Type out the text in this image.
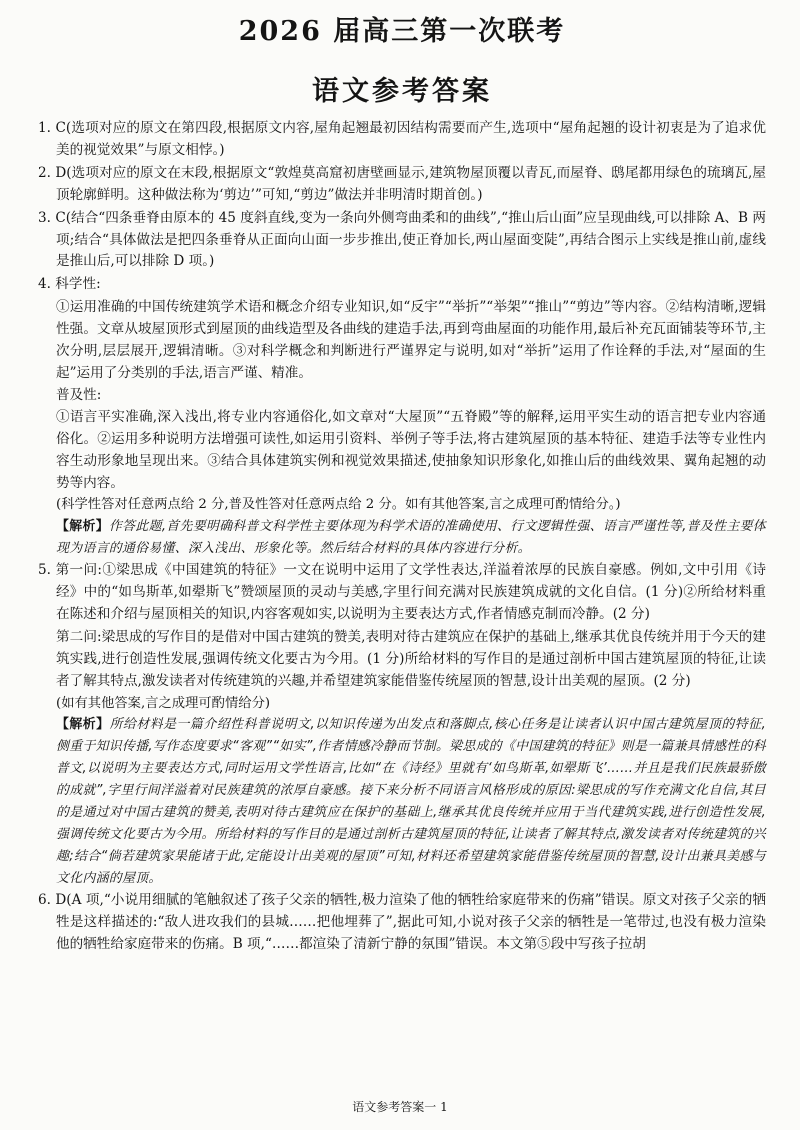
2026 届高三第一次联考
语文参考答案

1. C(选项对应的原文在第四段,根据原文内容,屋角起翘最初因结构需要而产生,选项中“屋角起翘的设计初衷是为了追求优美的视觉效果”与原文相悖。)

2. D(选项对应的原文在末段,根据原文“敦煌莫高窟初唐壁画显示,建筑物屋顶覆以青瓦,而屋脊、鸱尾都用绿色的琉璃瓦,屋顶轮廓鲜明。这种做法称为‘剪边’”可知,“剪边”做法并非明清时期首创。)

3. C(结合“四条垂脊由原本的 45 度斜直线,变为一条向外侧弯曲柔和的曲线”,“推山后山面”应呈现曲线,可以排除 A、B 两项;结合“具体做法是把四条垂脊从正面向山面一步步推出,使正脊加长,两山屋面变陡”,再结合图示上实线是推山前,虚线是推山后,可以排除 D 项。)

4. 科学性:

①运用准确的中国传统建筑学术语和概念介绍专业知识,如“反宇”“举折”“举架”“推山”“剪边”等内容。②结构清晰,逻辑性强。文章从坡屋顶形式到屋顶的曲线造型及各曲线的建造手法,再到弯曲屋面的功能作用,最后补充瓦面铺装等环节,主次分明,层层展开,逻辑清晰。③对科学概念和判断进行严谨界定与说明,如对“举折”运用了作诠释的手法,对“屋面的生起”运用了分类别的手法,语言严谨、精准。

普及性:

①语言平实准确,深入浅出,将专业内容通俗化,如文章对“大屋顶”“五脊殿”等的解释,运用平实生动的语言把专业内容通俗化。②运用多种说明方法增强可读性,如运用引资料、举例子等手法,将古建筑屋顶的基本特征、建造手法等专业性内容生动形象地呈现出来。③结合具体建筑实例和视觉效果描述,使抽象知识形象化,如推山后的曲线效果、翼角起翘的动势等内容。

(科学性答对任意两点给 2 分,普及性答对任意两点给 2 分。如有其他答案,言之成理可酌情给分。)

【解析】作答此题,首先要明确科普文科学性主要体现为科学术语的准确使用、行文逻辑性强、语言严谨性等,普及性主要体现为语言的通俗易懂、深入浅出、形象化等。然后结合材料的具体内容进行分析。

5. 第一问:①梁思成《中国建筑的特征》一文在说明中运用了文学性表达,洋溢着浓厚的民族自豪感。例如,文中引用《诗经》中的“如鸟斯革,如翚斯飞”赞颂屋顶的灵动与美感,字里行间充满对民族建筑成就的文化自信。(1 分)②所给材料重在陈述和介绍与屋顶相关的知识,内容客观如实,以说明为主要表达方式,作者情感克制而冷静。(2 分)

第二问:梁思成的写作目的是借对中国古建筑的赞美,表明对待古建筑应在保护的基础上,继承其优良传统并用于今天的建筑实践,进行创造性发展,强调传统文化要古为今用。(1 分)所给材料的写作目的是通过剖析中国古建筑屋顶的特征,让读者了解其特点,激发读者对传统建筑的兴趣,并希望建筑家能借鉴传统屋顶的智慧,设计出美观的屋顶。(2 分)

(如有其他答案,言之成理可酌情给分)

【解析】所给材料是一篇介绍性科普说明文,以知识传递为出发点和落脚点,核心任务是让读者认识中国古建筑屋顶的特征,侧重于知识传播,写作态度要求“客观”“如实”,作者情感冷静而节制。梁思成的《中国建筑的特征》则是一篇兼具情感性的科普文,以说明为主要表达方式,同时运用文学性语言,比如“在《诗经》里就有‘如鸟斯革,如翚斯飞’……并且是我们民族最骄傲的成就”,字里行间洋溢着对民族建筑的浓厚自豪感。接下来分析不同语言风格形成的原因:梁思成的写作充满文化自信,其目的是通过对中国古建筑的赞美,表明对待古建筑应在保护的基础上,继承其优良传统并应用于当代建筑实践,进行创造性发展,强调传统文化要古为今用。所给材料的写作目的是通过剖析古建筑屋顶的特征,让读者了解其特点,激发读者对传统建筑的兴趣;结合“倘若建筑家果能诸于此,定能设计出美观的屋顶”可知,材料还希望建筑家能借鉴传统屋顶的智慧,设计出兼具美感与文化内涵的屋顶。

6. D(A 项,“小说用细腻的笔触叙述了孩子父亲的牺牲,极力渲染了他的牺牲给家庭带来的伤痛”错误。原文对孩子父亲的牺牲是这样描述的:“敌人进攻我们的县城……把他埋葬了”,据此可知,小说对孩子父亲的牺牲是一笔带过,也没有极力渲染他的牺牲给家庭带来的伤痛。B 项,“……都渲染了清新宁静的氛围”错误。本文第⑤段中写孩子拉胡

语文参考答案一 1
